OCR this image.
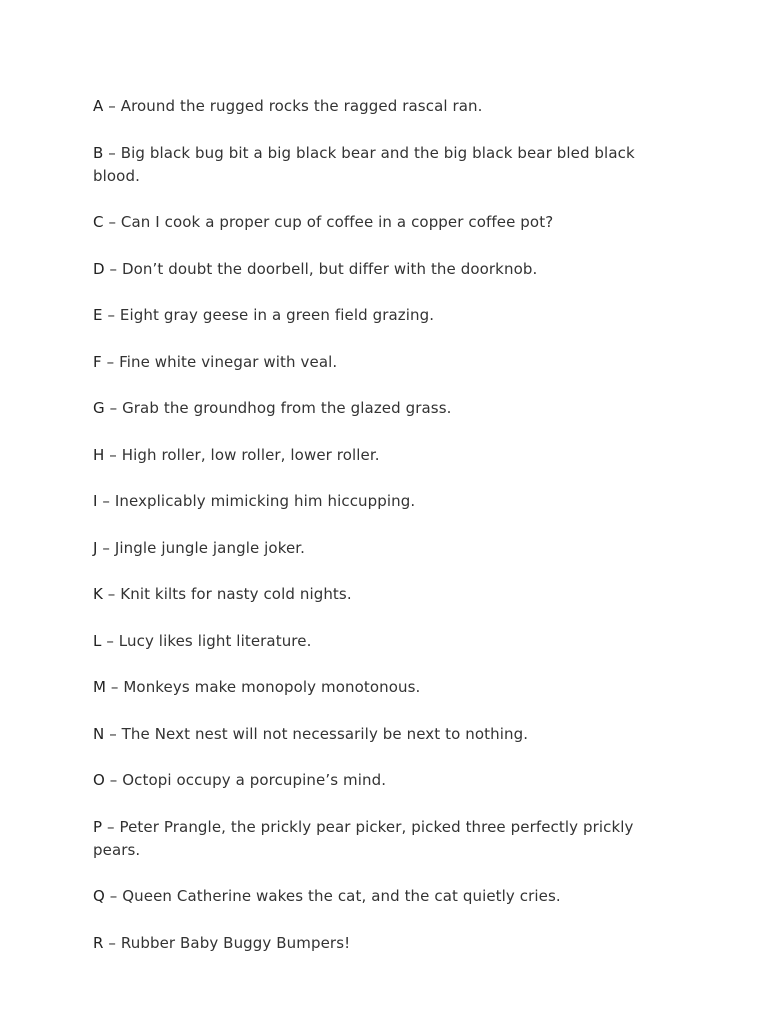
A – Around the rugged rocks the ragged rascal ran.

B – Big black bug bit a big black bear and the big black bear bled black blood.

C – Can I cook a proper cup of coffee in a copper coffee pot?

D – Don’t doubt the doorbell, but differ with the doorknob.

E – Eight gray geese in a green field grazing.

F – Fine white vinegar with veal.

G – Grab the groundhog from the glazed grass.

H – High roller, low roller, lower roller.

I – Inexplicably mimicking him hiccupping.

J – Jingle jungle jangle joker.

K – Knit kilts for nasty cold nights.

L – Lucy likes light literature.

M – Monkeys make monopoly monotonous.

N – The Next nest will not necessarily be next to nothing.

O – Octopi occupy a porcupine’s mind.

P – Peter Prangle, the prickly pear picker, picked three perfectly prickly pears.

Q – Queen Catherine wakes the cat, and the cat quietly cries.

R – Rubber Baby Buggy Bumpers!
